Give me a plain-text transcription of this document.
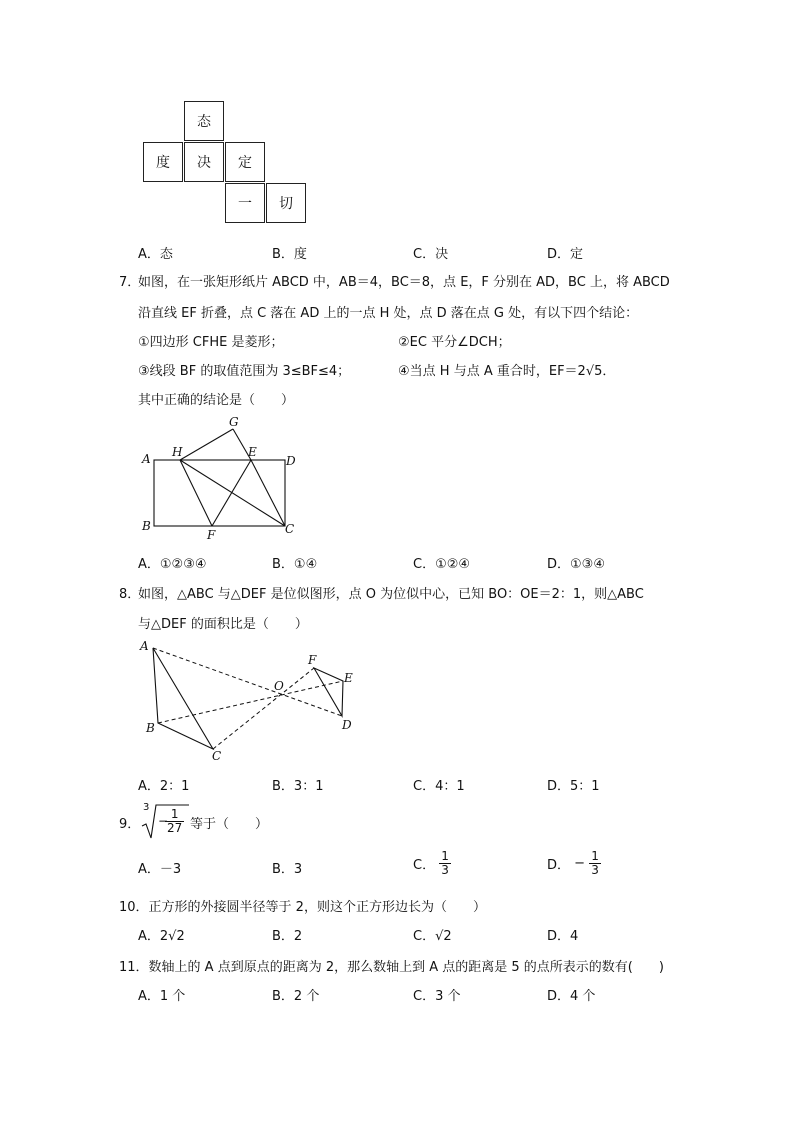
态
度	决	定
一	切
A．态	B．度	C．决	D．定
7．
如图，在一张矩形纸片 ABCD 中，AB＝4，BC＝8，点 E，F 分别在 AD，BC 上，将 ABCD
沿直线 EF 折叠，点 C 落在 AD 上的一点 H 处，点 D 落在点 G 处，有以下四个结论：
①四边形 CFHE 是菱形；	②EC 平分∠DCH；
③线段 BF 的取值范围为 3≤BF≤4；	④当点 H 与点 A 重合时，EF＝2√5．
其中正确的结论是（　　）
A
B	C
D
E
F
G
H
A．①②③④	B．①④	C．①②④	D．①③④
8．
如图，△ABC 与△DEF 是位似图形，点 O 为位似中心，已知 BO：OE＝2：1，则△ABC
与△DEF 的面积比是（　　）
A
B
C
D
E
F
O
A．2：1	B．3：1	C．4：1	D．5：1
9．
3
−
$\frac{1}{27}$ 等于（　　）
A．－3	B．3	C． $\frac{1}{3}$	D． − $\frac{1}{3}$
10．正方形的外接圆半径等于 2，则这个正方形边长为（　　）
A．2√2	B．2	C．√2	D．4
11．数轴上的 A 点到原点的距离为 2，那么数轴上到 A 点的距离是 5 的点所表示的数有(　　)
A．1 个	B．2 个	C．3 个	D．4 个
